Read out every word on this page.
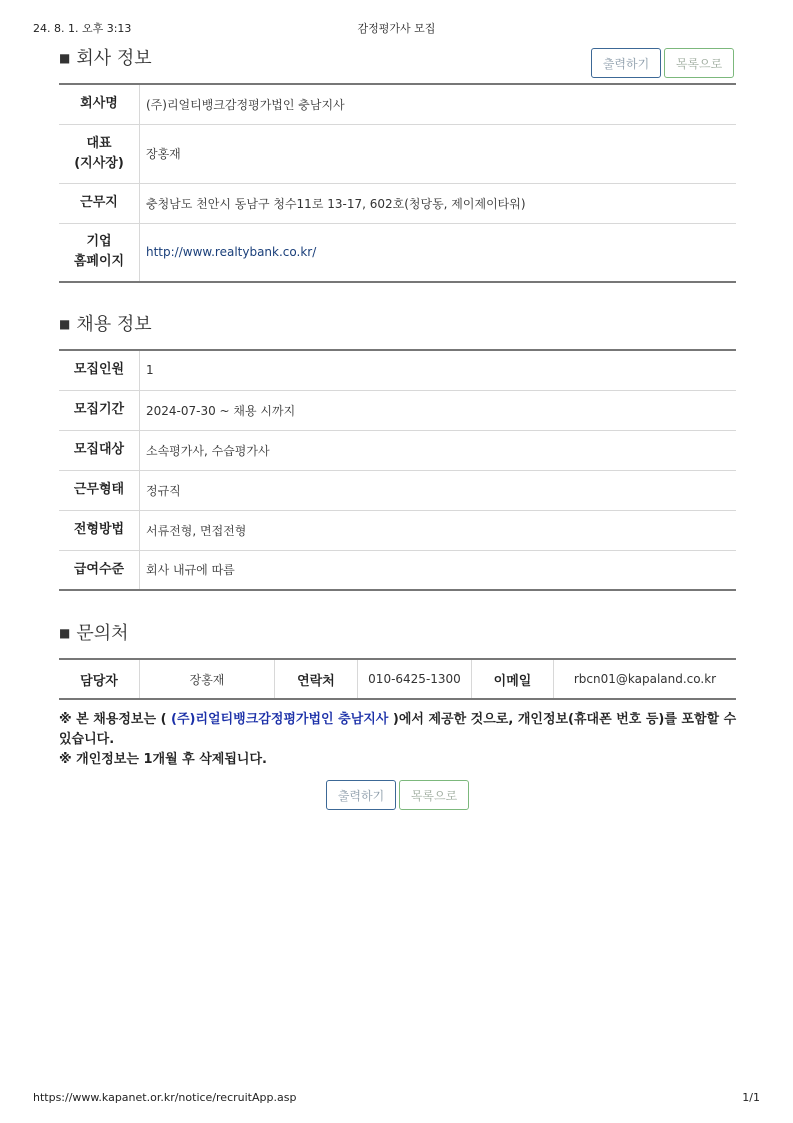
24. 8. 1. 오후 3:13	감정평가사 모집
■ 회사 정보	출력하기	목록으로
회사명	(주)리얼티뱅크감정평가법인 충남지사

대표
(지사장)	장홍재
근무지	충청남도 천안시 동남구 청수11로 13-17, 602호(청당동, 제이제이타워)

기업
홈페이지	http://www.realtybank.co.kr/
■ 채용 정보
모집인원	1
모집기간	2024-07-30 ~ 채용 시까지
모집대상	소속평가사, 수습평가사
근무형태	정규직
전형방법	서류전형, 면접전형
급여수준	회사 내규에 따름
■ 문의처
담당자	장홍재	연락처	010-6425-1300	이메일	rbcn01@kapaland.co.kr
※ 본 채용정보는 ( (주)리얼티뱅크감정평가법인 충남지사 )에서 제공한 것으로, 개인정보(휴대폰 번호 등)를 포함할 수 있습니다.
※ 개인정보는 1개월 후 삭제됩니다.
출력하기	목록으로
https://www.kapanet.or.kr/notice/recruitApp.asp	1/1
